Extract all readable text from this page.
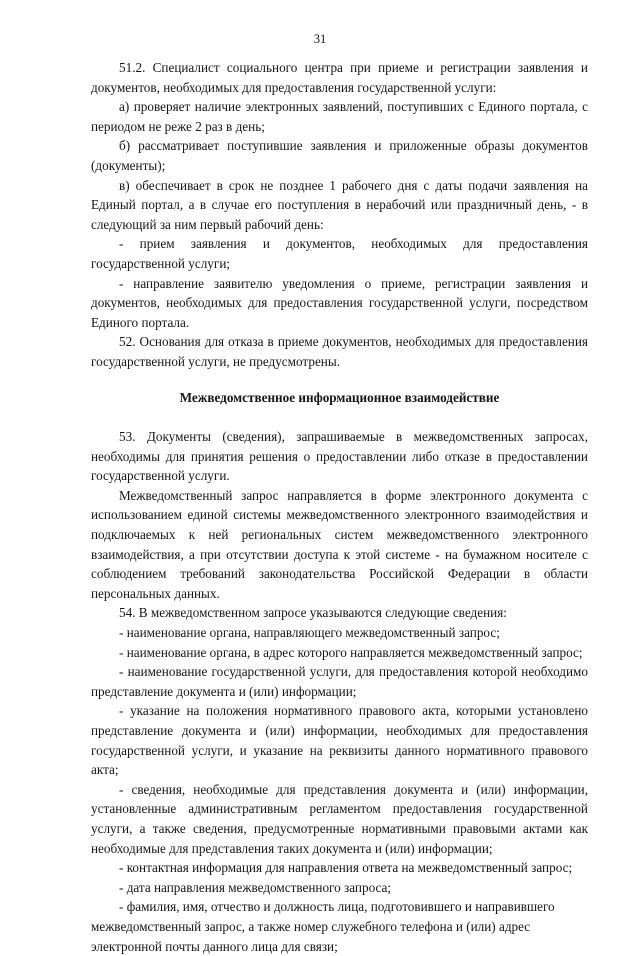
31

51.2. Специалист социального центра при приеме и регистрации заявления и документов, необходимых для предоставления государственной услуги:

а) проверяет наличие электронных заявлений, поступивших с Единого портала, с периодом не реже 2 раз в день;

б) рассматривает поступившие заявления и приложенные образы документов (документы);

в) обеспечивает в срок не позднее 1 рабочего дня с даты подачи заявления на Единый портал, а в случае его поступления в нерабочий или праздничный день, - в следующий за ним первый рабочий день:

- прием заявления и документов, необходимых для предоставления государственной услуги;

- направление заявителю уведомления о приеме, регистрации заявления и документов, необходимых для предоставления государственной услуги, посредством Единого портала.

52. Основания для отказа в приеме документов, необходимых для предоставления государственной услуги, не предусмотрены.

Межведомственное информационное взаимодействие

53. Документы (сведения), запрашиваемые в межведомственных запросах, необходимы для принятия решения о предоставлении либо отказе в предоставлении государственной услуги.

Межведомственный запрос направляется в форме электронного документа с использованием единой системы межведомственного электронного взаимодействия и подключаемых к ней региональных систем межведомственного электронного взаимодействия, а при отсутствии доступа к этой системе - на бумажном носителе с соблюдением требований законодательства Российской Федерации в области персональных данных.

54. В межведомственном запросе указываются следующие сведения:

- наименование органа, направляющего межведомственный запрос;

- наименование органа, в адрес которого направляется межведомственный запрос;

- наименование государственной услуги, для предоставления которой необходимо представление документа и (или) информации;

- указание на положения нормативного правового акта, которыми установлено представление документа и (или) информации, необходимых для предоставления государственной услуги, и указание на реквизиты данного нормативного правового акта;

- сведения, необходимые для представления документа и (или) информации, установленные административным регламентом предоставления государственной услуги, а также сведения, предусмотренные нормативными правовыми актами как необходимые для представления таких документа и (или) информации;

- контактная информация для направления ответа на межведомственный запрос;

- дата направления межведомственного запроса;

- фамилия, имя, отчество и должность лица, подготовившего и направившего межведомственный запрос, а также номер служебного телефона и (или) адрес электронной почты данного лица для связи;
